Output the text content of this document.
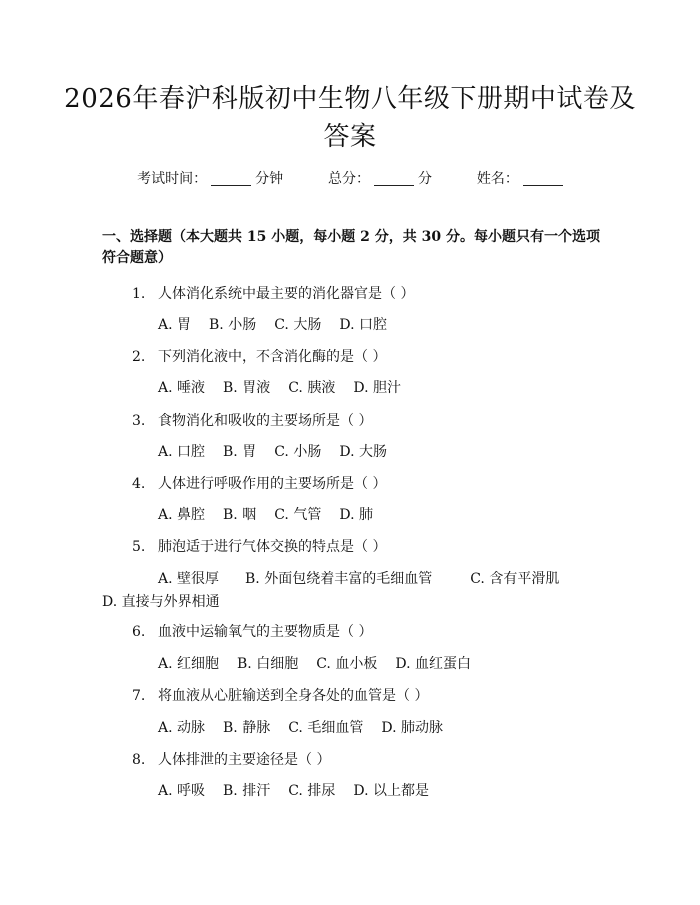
2026年春沪科版初中生物八年级下册期中试卷及答案
考试时间：	分钟	总分：	分	姓名：
一、选择题（本大题共 15 小题，每小题 2 分，共 30 分。每小题只有一个选项符合题意）
1. 人体消化系统中最主要的消化器官是（ ）
A. 胃 B. 小肠 C. 大肠 D. 口腔
2. 下列消化液中，不含消化酶的是（ ）
A. 唾液 B. 胃液 C. 胰液 D. 胆汁
3. 食物消化和吸收的主要场所是（ ）
A. 口腔 B. 胃 C. 小肠 D. 大肠
4. 人体进行呼吸作用的主要场所是（ ）
A. 鼻腔 B. 咽 C. 气管 D. 肺
5. 肺泡适于进行气体交换的特点是（ ）
A. 壁很厚 B. 外面包绕着丰富的毛细血管	C. 含有平滑肌
D. 直接与外界相通
6. 血液中运输氧气的主要物质是（ ）
A. 红细胞 B. 白细胞 C. 血小板 D. 血红蛋白
7. 将血液从心脏输送到全身各处的血管是（ ）
A. 动脉 B. 静脉 C. 毛细血管 D. 肺动脉
8. 人体排泄的主要途径是（ ）
A. 呼吸 B. 排汗 C. 排尿 D. 以上都是
